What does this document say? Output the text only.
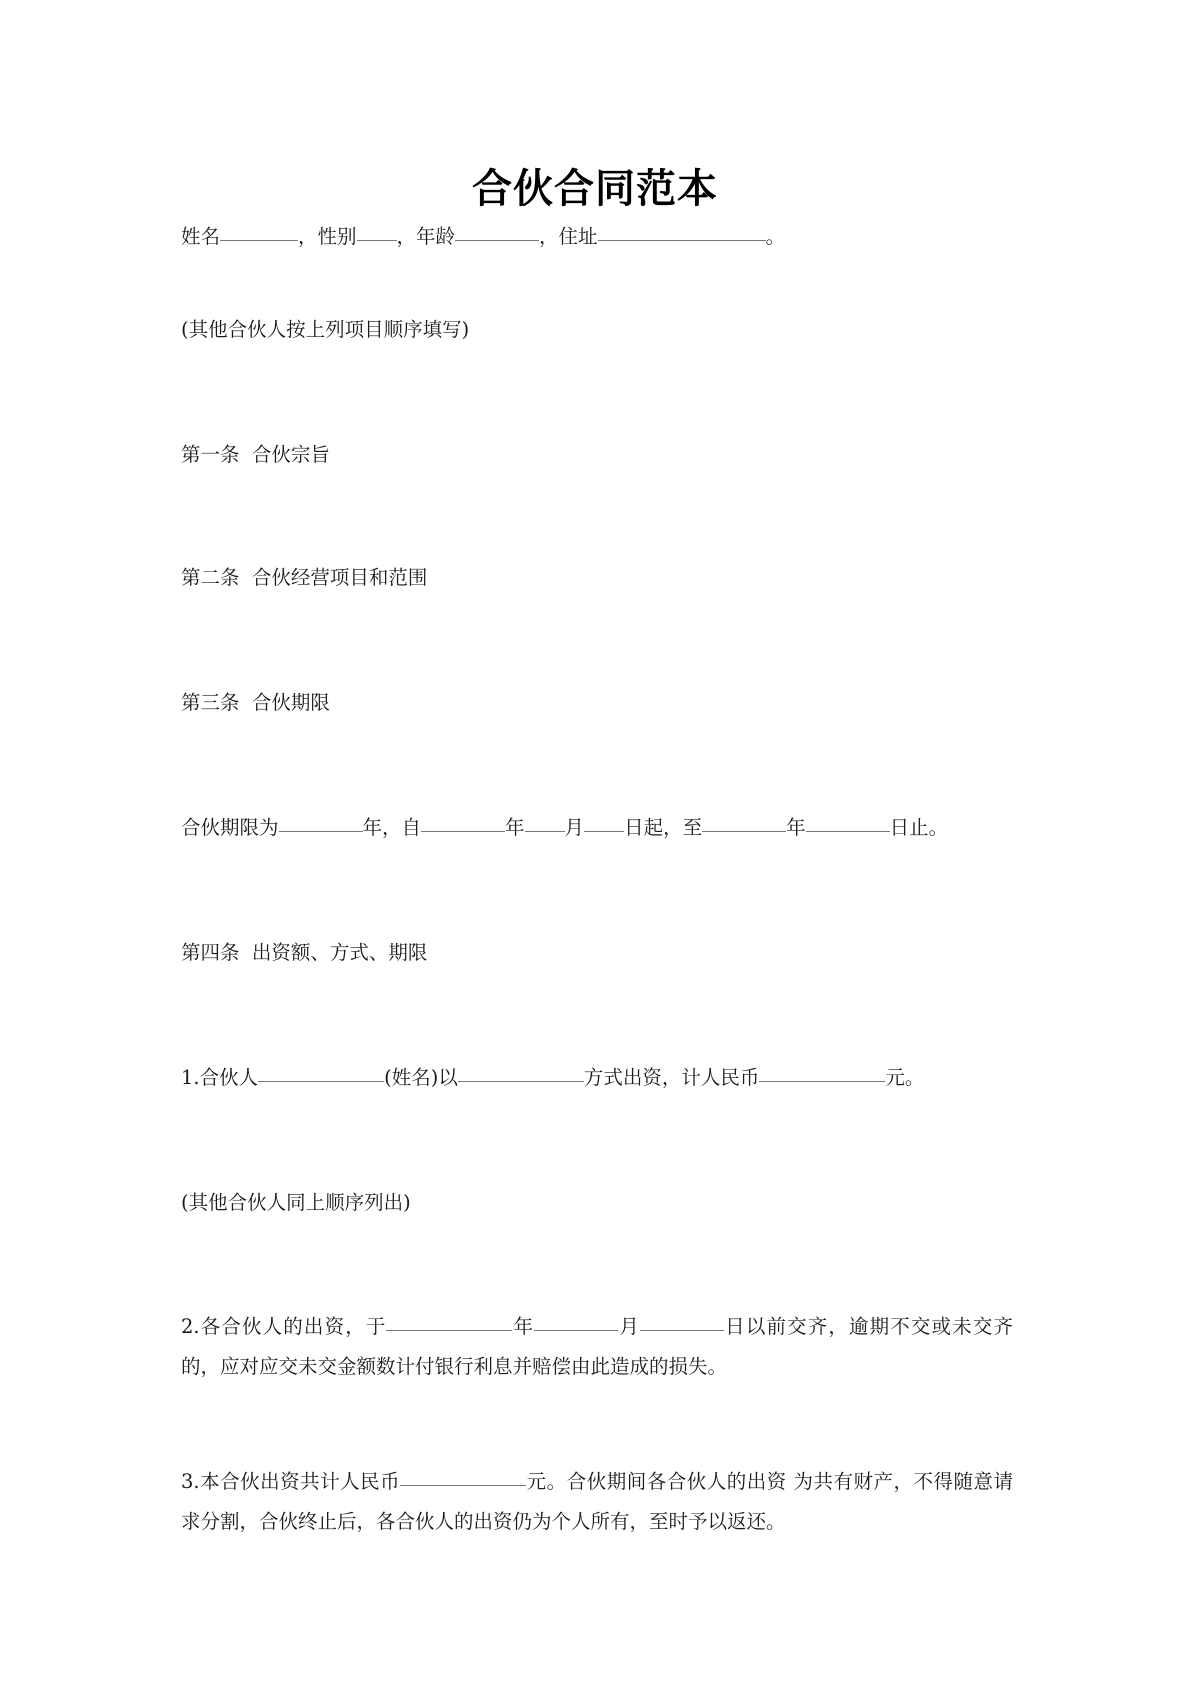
合伙合同范本
姓名	，性别 ，年龄	，住址	。
(其他合伙人按上列项目顺序填写)
第一条  合伙宗旨
第二条  合伙经营项目和范围
第三条  合伙期限
合伙期限为	年，自	年 月 日起，至	年	日止。
第四条  出资额、方式、期限
1.合伙人	(姓名)以	方式出资，计人民币	元。
(其他合伙人同上顺序列出)
2.各合伙人的出资，于	年	月	日以前交齐，逾期不交或未交齐的，应对应交未交金额数计付银行利息并赔偿由此造成的损失。
3.本合伙出资共计人民币	元。合伙期间各合伙人的出资 为共有财产，不得随意请求分割，合伙终止后，各合伙人的出资仍为个人所有，至时予以返还。
